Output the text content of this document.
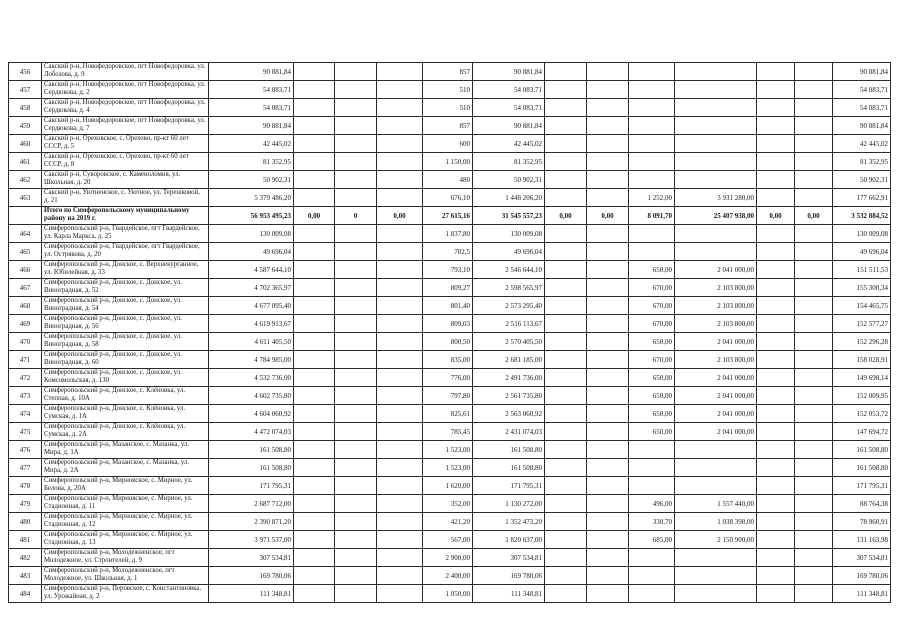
456	Сакский р-н, Новофедоровское, пгт Новофедоровка, ул. Лобозова, д. 9	90 881,84				857	90 881,84							90 881,84
457	Сакский р-н, Новофедоровское, пгт Новофедоровка, ул. Сердюкова, д. 2	54 083,71				510	54 083,71							54 083,71
458	Сакский р-н, Новофедоровское, пгт Новофедоровка, ул. Сердюкова, д. 4	54 083,71				510	54 083,71							54 083,71
459	Сакский р-н, Новофедоровское, пгт Новофедоровка, ул. Сердюкова, д. 7	90 881,84				857	90 881,84							90 881,84
460	Сакский р-н, Ореховское, с. Орехово, пр-кт 60 лет СССР, д. 5	42 445,02				600	42 445,02							42 445,02
461	Сакский р-н, Ореховское, с. Орехово, пр-кт 60 лет СССР, д. 8	81 352,95				1 150,00	81 352,95							81 352,95
462	Сакский р-н, Суворовское, с. Каменоломня, ул. Школьная, д. 20	50 902,31				480	50 902,31							50 902,31
463	Сакский р-н, Уютненское, с. Уютное, ул. Терешковой, д. 21	5 379 486,20				676,10	1 448 206,20			1 252,00	3 931 280,00			177 662,91
	Итого по Симферопольскому муниципальному району на 2019 г.	56 953 495,23	0,00	0	0,00	27 615,16	31 545 557,23	0,00	0,00	8 091,70	25 407 938,00	0,00	0,00	3 532 884,52
464	Симферопольский р-н, Гвардейское, пгт Гвардейское, ул. Карла Маркса, д. 25	130 009,08				1 837,80	130 009,08							130 009,08
465	Симферопольский р-н, Гвардейское, пгт Гвардейское, ул. Острякова, д. 20	49 696,04				702,5	49 696,04							49 696,04
466	Симферопольский р-н, Донское, с. Верхнекурганное, ул. Юбилейная, д. 33	4 587 644,10				793,10	2 546 644,10			650,00	2 041 000,00			151 511,53
467	Симферопольский р-н, Донское, с. Донское, ул. Виноградная, д. 52	4 702 365,97				809,27	2 598 565,97			670,00	2 103 800,00			155 300,34
468	Симферопольский р-н, Донское, с. Донское, ул. Виноградная, д. 54	4 677 095,40				801,40	2 573 295,40			670,00	2 103 800,00			154 465,75
469	Симферопольский р-н, Донское, с. Донское, ул. Виноградная, д. 56	4 619 913,67				809,03	2 516 113,67			670,00	2 103 800,00			152 577,27
470	Симферопольский р-н, Донское, с. Донское, ул. Виноградная, д. 58	4 611 405,50				800,50	2 570 405,50			650,00	2 041 000,00			152 296,28
471	Симферопольский р-н, Донское, с. Донское, ул. Виноградная, д. 60	4 784 985,00				835,00	2 681 185,00			670,00	2 103 800,00			158 028,91
472	Симферопольский р-н, Донское, с. Донское, ул. Комсомольская, д. 130	4 532 736,00				776,00	2 491 736,00			650,00	2 041 000,00			149 698,14
473	Симферопольский р-н, Донское, с. Клёновка, ул. Степная, д. 10А	4 602 735,80				797,80	2 561 735,80			650,00	2 041 000,00			152 009,95
474	Симферопольский р-н, Донское, с. Клёновка, ул. Сумская, д. 1А	4 604 060,92				825,61	2 563 060,92			650,00	2 041 000,00			152 053,72
475	Симферопольский р-н, Донское, с. Клёновка, ул. Сумская, д. 2А	4 472 074,03				785,45	2 431 074,03			650,00	2 041 000,00			147 694,72
476	Симферопольский р-н, Мазанское, с. Мазанка, ул. Мира, д. 1А	161 508,80				1 523,00	161 508,80							161 508,80
477	Симферопольский р-н, Мазанское, с. Мазанка, ул. Мира, д. 2А	161 508,80				1 523,00	161 508,80							161 508,80
478	Симферопольский р-н, Мирновское, с. Мирное, ул. Белова, д. 20А	171 795,31				1 620,00	171 795,31							171 795,31
479	Симферопольский р-н, Мирновское, с. Мирное, ул. Стадионная, д. 11	2 687 712,00				352,00	1 130 272,00			496,00	1 557 440,00			88 764,38
480	Симферопольский р-н, Мирновское, с. Мирное, ул. Стадионная, д. 12	2 390 871,20				421,20	1 352 473,20			330,70	1 038 398,00			78 960,91
481	Симферопольский р-н, Мирновское, с. Мирное, ул. Стадионная, д. 13	3 971 537,00				567,00	1 820 637,00			685,00	2 150 900,00			131 163,98
482	Симферопольский р-н, Молодежненское, пгт Молодежное, ул. Строителей, д. 9	307 534,81				2 900,00	307 534,81							307 534,81
483	Симферопольский р-н, Молодежненское, пгт Молодежное, ул. Школьная, д. 1	169 780,06				2 400,00	169 780,06							169 780,06
484	Симферопольский р-н, Перовское, с. Константиновка, ул. Урожайная, д. 2	111 348,81				1 050,00	111 348,81							111 348,81
